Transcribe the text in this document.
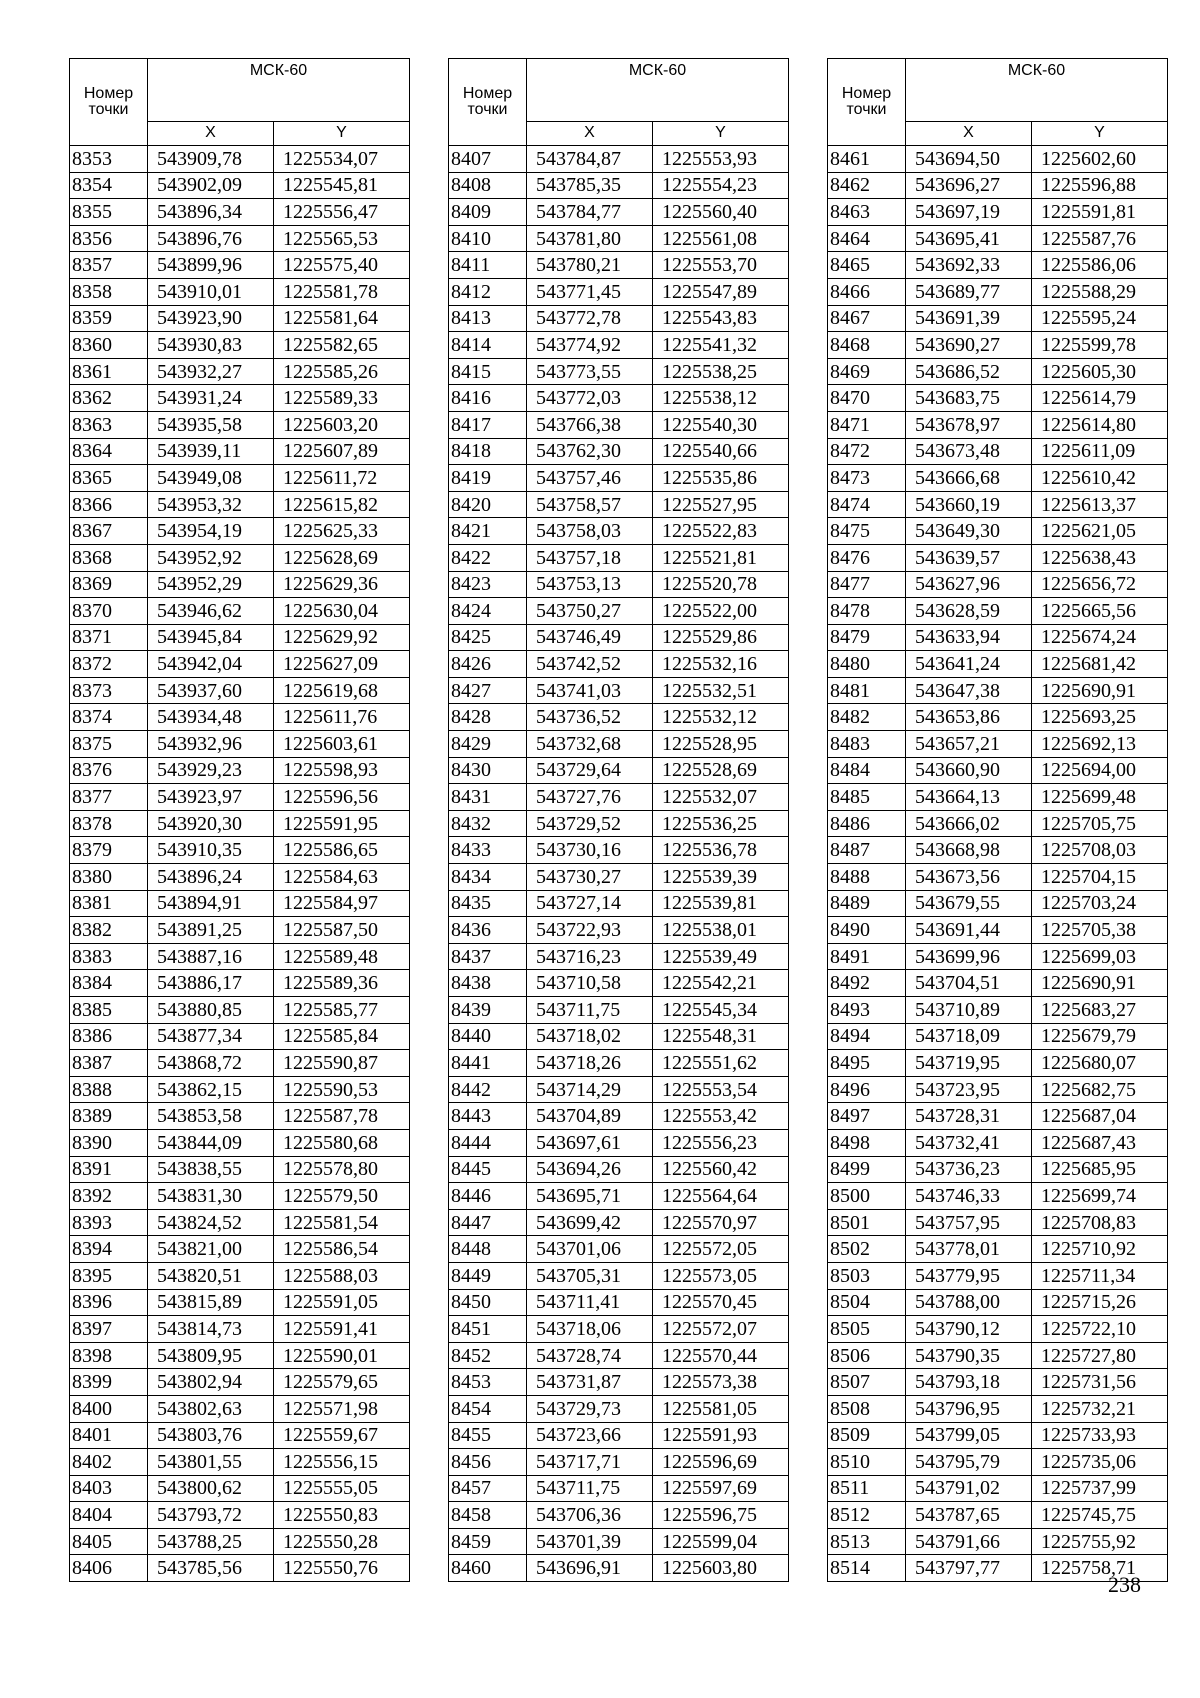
Номер
точки	МСК-60	
	X	Y
8353	543909,78	1225534,07
8354	543902,09	1225545,81
8355	543896,34	1225556,47
8356	543896,76	1225565,53
8357	543899,96	1225575,40
8358	543910,01	1225581,78
8359	543923,90	1225581,64
8360	543930,83	1225582,65
8361	543932,27	1225585,26
8362	543931,24	1225589,33
8363	543935,58	1225603,20
8364	543939,11	1225607,89
8365	543949,08	1225611,72
8366	543953,32	1225615,82
8367	543954,19	1225625,33
8368	543952,92	1225628,69
8369	543952,29	1225629,36
8370	543946,62	1225630,04
8371	543945,84	1225629,92
8372	543942,04	1225627,09
8373	543937,60	1225619,68
8374	543934,48	1225611,76
8375	543932,96	1225603,61
8376	543929,23	1225598,93
8377	543923,97	1225596,56
8378	543920,30	1225591,95
8379	543910,35	1225586,65
8380	543896,24	1225584,63
8381	543894,91	1225584,97
8382	543891,25	1225587,50
8383	543887,16	1225589,48
8384	543886,17	1225589,36
8385	543880,85	1225585,77
8386	543877,34	1225585,84
8387	543868,72	1225590,87
8388	543862,15	1225590,53
8389	543853,58	1225587,78
8390	543844,09	1225580,68
8391	543838,55	1225578,80
8392	543831,30	1225579,50
8393	543824,52	1225581,54
8394	543821,00	1225586,54
8395	543820,51	1225588,03
8396	543815,89	1225591,05
8397	543814,73	1225591,41
8398	543809,95	1225590,01
8399	543802,94	1225579,65
8400	543802,63	1225571,98
8401	543803,76	1225559,67
8402	543801,55	1225556,15
8403	543800,62	1225555,05
8404	543793,72	1225550,83
8405	543788,25	1225550,28
8406	543785,56	1225550,76
Номер
точки	МСК-60	
	X	Y
8407	543784,87	1225553,93
8408	543785,35	1225554,23
8409	543784,77	1225560,40
8410	543781,80	1225561,08
8411	543780,21	1225553,70
8412	543771,45	1225547,89
8413	543772,78	1225543,83
8414	543774,92	1225541,32
8415	543773,55	1225538,25
8416	543772,03	1225538,12
8417	543766,38	1225540,30
8418	543762,30	1225540,66
8419	543757,46	1225535,86
8420	543758,57	1225527,95
8421	543758,03	1225522,83
8422	543757,18	1225521,81
8423	543753,13	1225520,78
8424	543750,27	1225522,00
8425	543746,49	1225529,86
8426	543742,52	1225532,16
8427	543741,03	1225532,51
8428	543736,52	1225532,12
8429	543732,68	1225528,95
8430	543729,64	1225528,69
8431	543727,76	1225532,07
8432	543729,52	1225536,25
8433	543730,16	1225536,78
8434	543730,27	1225539,39
8435	543727,14	1225539,81
8436	543722,93	1225538,01
8437	543716,23	1225539,49
8438	543710,58	1225542,21
8439	543711,75	1225545,34
8440	543718,02	1225548,31
8441	543718,26	1225551,62
8442	543714,29	1225553,54
8443	543704,89	1225553,42
8444	543697,61	1225556,23
8445	543694,26	1225560,42
8446	543695,71	1225564,64
8447	543699,42	1225570,97
8448	543701,06	1225572,05
8449	543705,31	1225573,05
8450	543711,41	1225570,45
8451	543718,06	1225572,07
8452	543728,74	1225570,44
8453	543731,87	1225573,38
8454	543729,73	1225581,05
8455	543723,66	1225591,93
8456	543717,71	1225596,69
8457	543711,75	1225597,69
8458	543706,36	1225596,75
8459	543701,39	1225599,04
8460	543696,91	1225603,80
Номер
точки	МСК-60	
	X	Y
8461	543694,50	1225602,60
8462	543696,27	1225596,88
8463	543697,19	1225591,81
8464	543695,41	1225587,76
8465	543692,33	1225586,06
8466	543689,77	1225588,29
8467	543691,39	1225595,24
8468	543690,27	1225599,78
8469	543686,52	1225605,30
8470	543683,75	1225614,79
8471	543678,97	1225614,80
8472	543673,48	1225611,09
8473	543666,68	1225610,42
8474	543660,19	1225613,37
8475	543649,30	1225621,05
8476	543639,57	1225638,43
8477	543627,96	1225656,72
8478	543628,59	1225665,56
8479	543633,94	1225674,24
8480	543641,24	1225681,42
8481	543647,38	1225690,91
8482	543653,86	1225693,25
8483	543657,21	1225692,13
8484	543660,90	1225694,00
8485	543664,13	1225699,48
8486	543666,02	1225705,75
8487	543668,98	1225708,03
8488	543673,56	1225704,15
8489	543679,55	1225703,24
8490	543691,44	1225705,38
8491	543699,96	1225699,03
8492	543704,51	1225690,91
8493	543710,89	1225683,27
8494	543718,09	1225679,79
8495	543719,95	1225680,07
8496	543723,95	1225682,75
8497	543728,31	1225687,04
8498	543732,41	1225687,43
8499	543736,23	1225685,95
8500	543746,33	1225699,74
8501	543757,95	1225708,83
8502	543778,01	1225710,92
8503	543779,95	1225711,34
8504	543788,00	1225715,26
8505	543790,12	1225722,10
8506	543790,35	1225727,80
8507	543793,18	1225731,56
8508	543796,95	1225732,21
8509	543799,05	1225733,93
8510	543795,79	1225735,06
8511	543791,02	1225737,99
8512	543787,65	1225745,75
8513	543791,66	1225755,92
8514	543797,77	1225758,71
238
